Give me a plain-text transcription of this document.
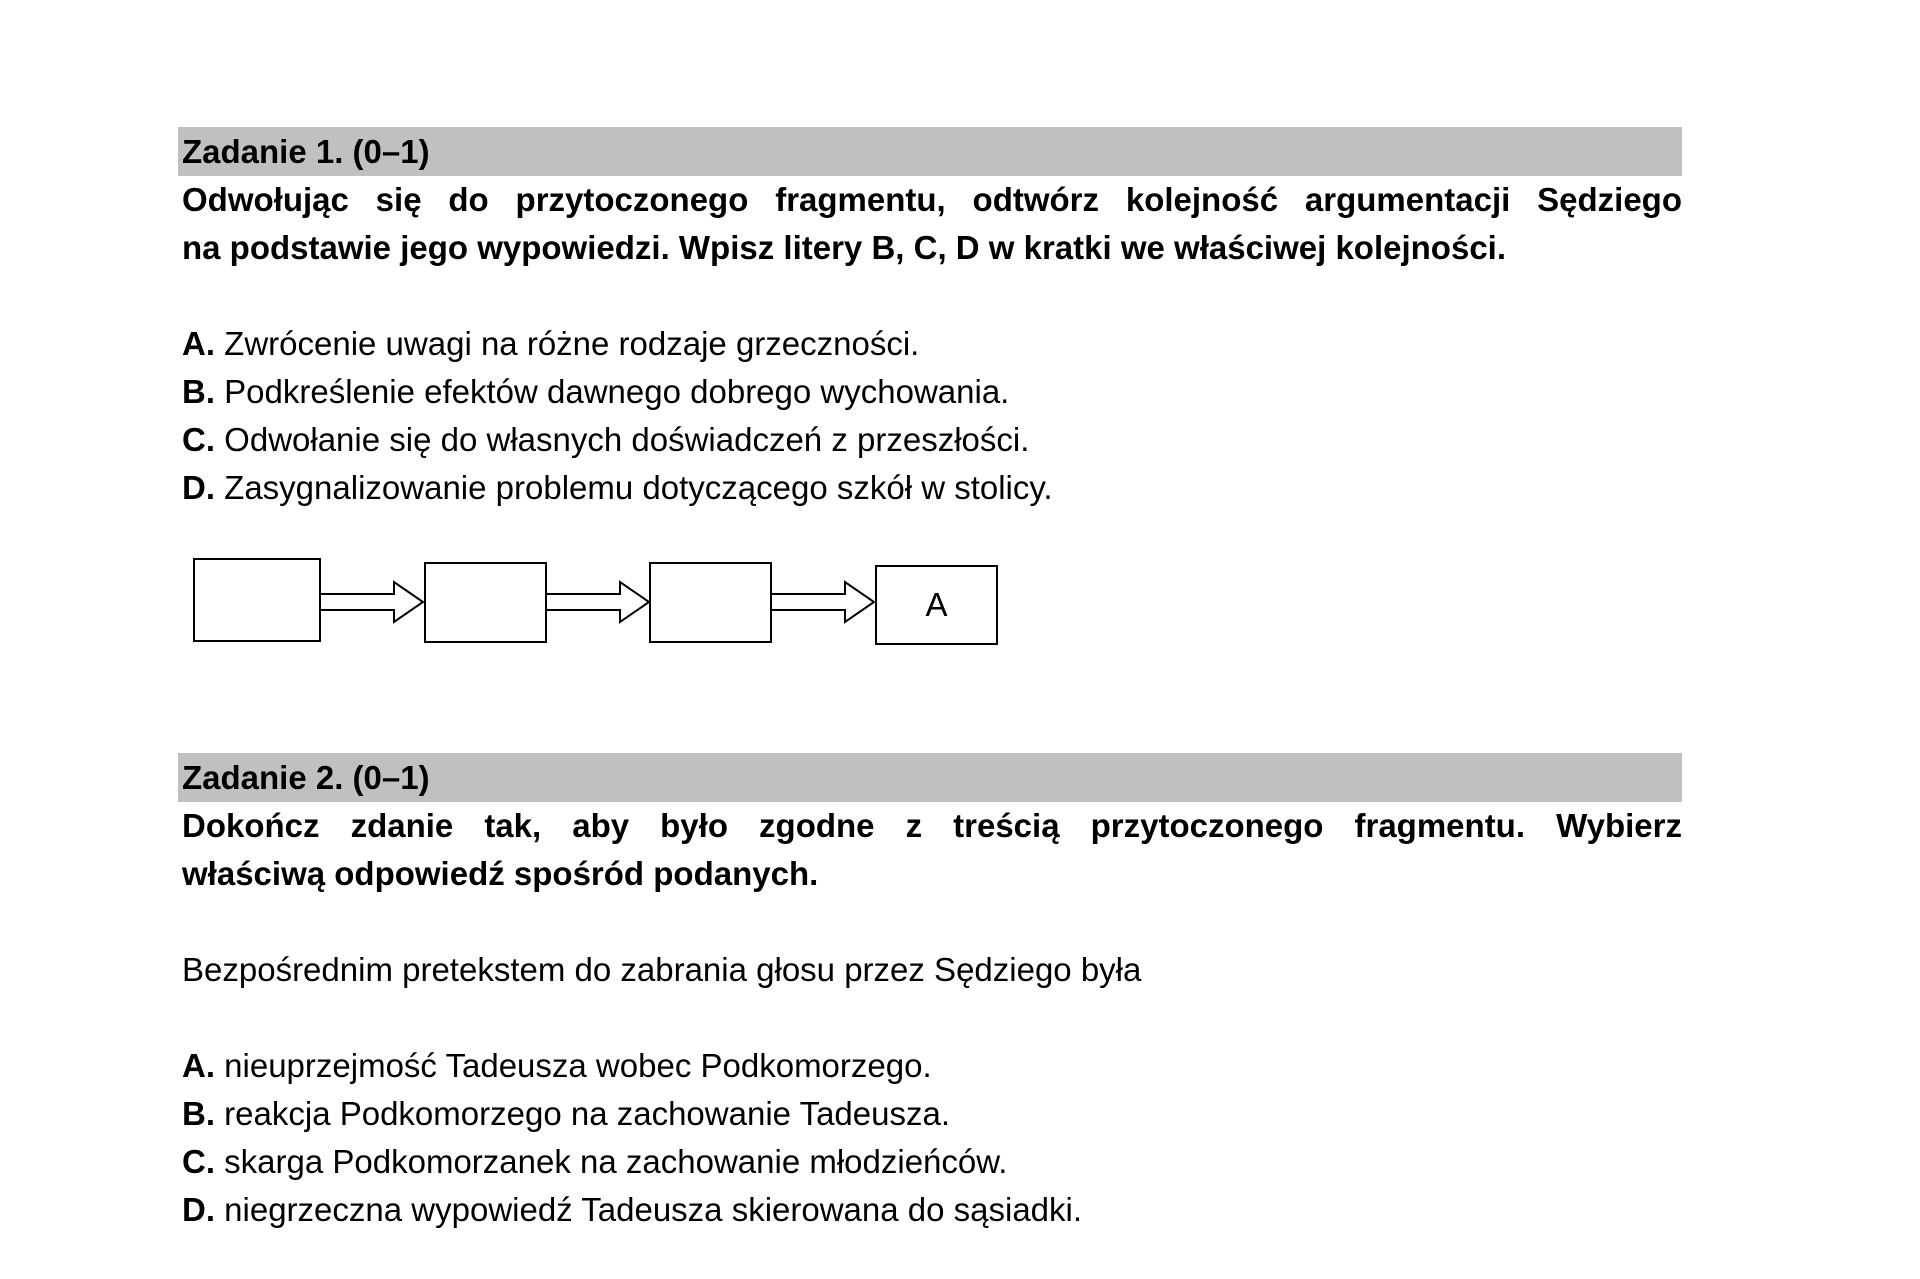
Zadanie 1. (0–1)

Odwołując się do przytoczonego fragmentu, odtwórz kolejność argumentacji Sędziego

na podstawie jego wypowiedzi. Wpisz litery B, C, D w kratki we właściwej kolejności.

A. Zwrócenie uwagi na różne rodzaje grzeczności.
B. Podkreślenie efektów dawnego dobrego wychowania.
C. Odwołanie się do własnych doświadczeń z przeszłości.
D. Zasygnalizowanie problemu dotyczącego szkół w stolicy.
A
Zadanie 2. (0–1)

Dokończ zdanie tak, aby było zgodne z treścią przytoczonego fragmentu. Wybierz

właściwą odpowiedź spośród podanych.

Bezpośrednim pretekstem do zabrania głosu przez Sędziego była

A. nieuprzejmość Tadeusza wobec Podkomorzego.
B. reakcja Podkomorzego na zachowanie Tadeusza.
C. skarga Podkomorzanek na zachowanie młodzieńców.
D. niegrzeczna wypowiedź Tadeusza skierowana do sąsiadki.
